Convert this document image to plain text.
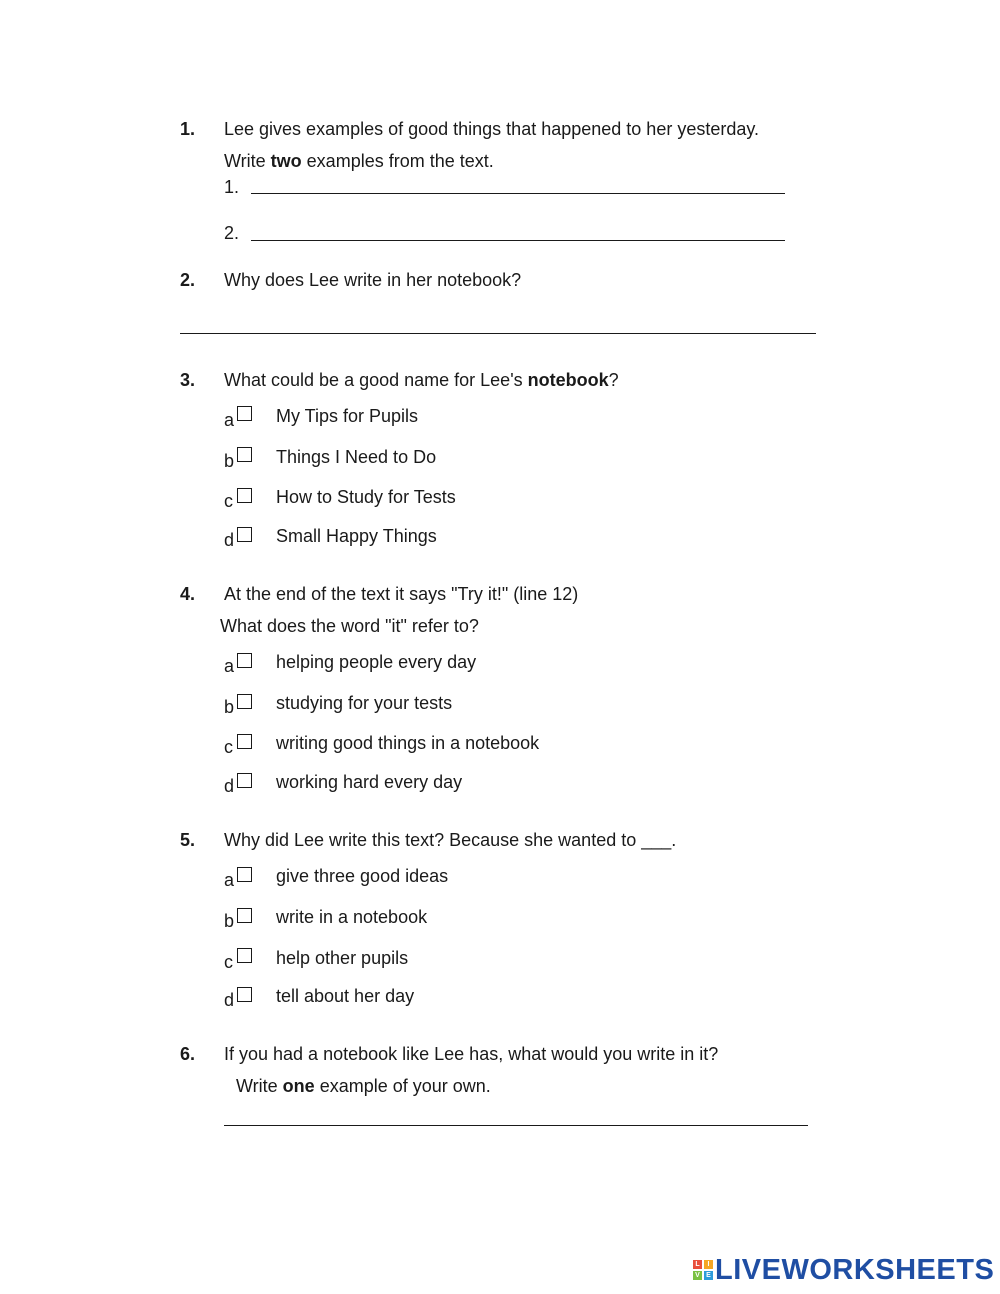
1. Lee gives examples of good things that happened to her yesterday.
Write two examples from the text.
1.
2.
2. Why does Lee write in her notebook?
3. What could be a good name for Lee's notebook?
a My Tips for Pupils
b Things I Need to Do
c How to Study for Tests
d Small Happy Things
4. At the end of the text it says "Try it!" (line 12)
What does the word "it" refer to?
a helping people every day
b studying for your tests
c writing good things in a notebook
d working hard every day
5. Why did Lee write this text? Because she wanted to ___.
a give three good ideas
b write in a notebook
c help other pupils
d tell about her day
6. If you had a notebook like Lee has, what would you write in it?
Write one example of your own.
L	I
V E LIVEWORKSHEETS
